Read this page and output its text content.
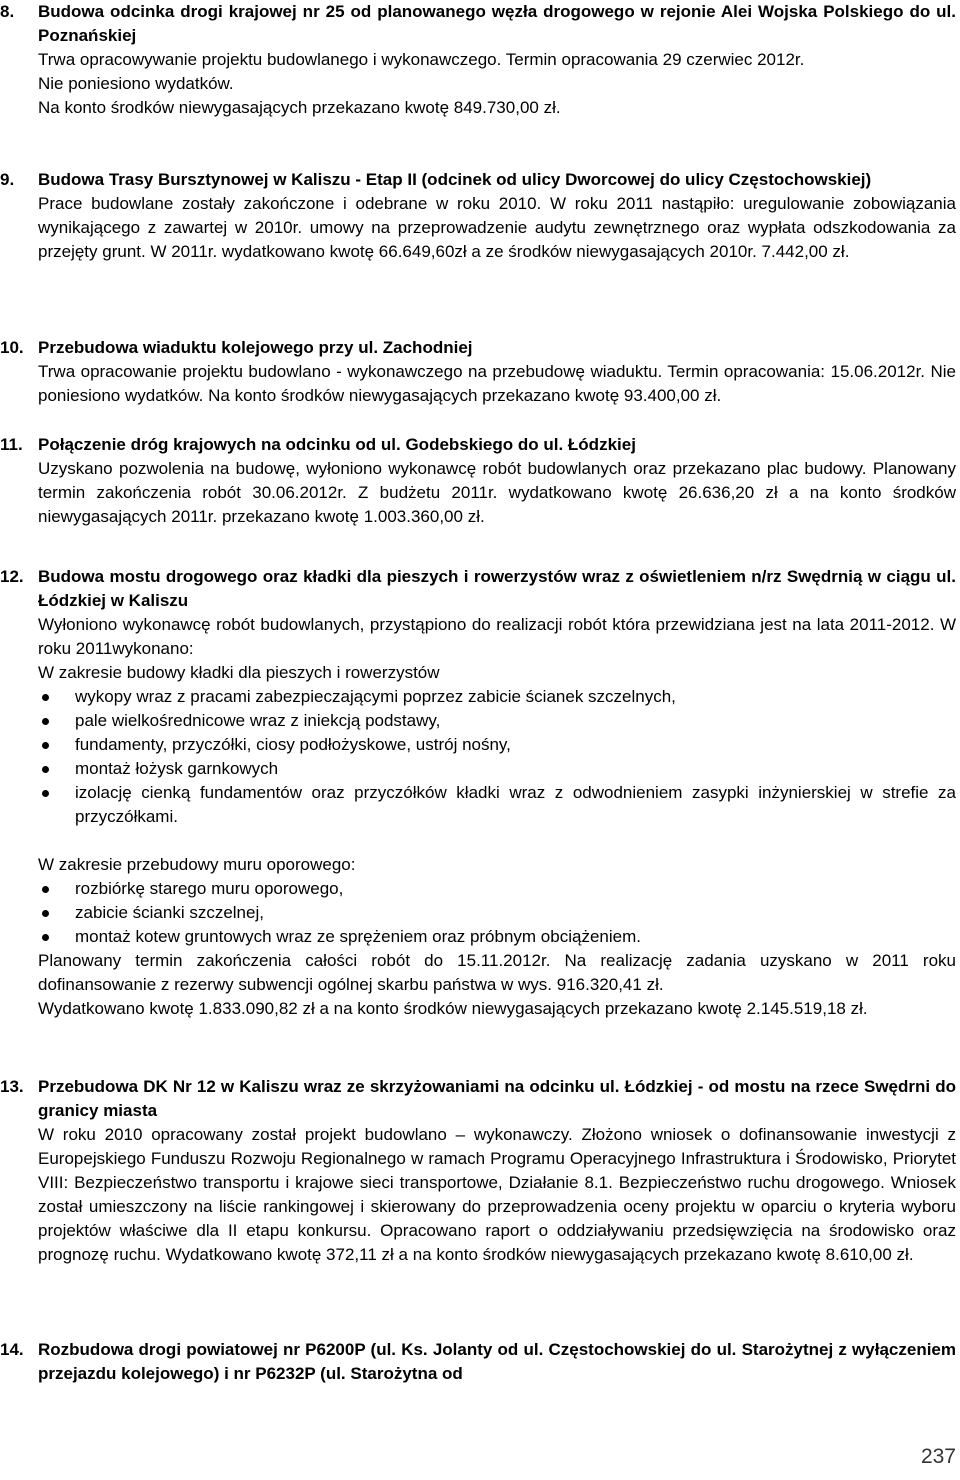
8.	Budowa odcinka drogi krajowej nr 25 od planowanego węzła drogowego w rejonie Alei Wojska Polskiego do ul. Poznańskiej

Trwa opracowywanie projektu budowlanego i wykonawczego. Termin opracowania 29 czerwiec 2012r.

Nie poniesiono wydatków.

Na konto środków niewygasających przekazano kwotę 849.730,00 zł.

9.	Budowa Trasy Bursztynowej w Kaliszu - Etap II (odcinek od ulicy Dworcowej do ulicy Częstochowskiej)

Prace budowlane zostały zakończone i odebrane w roku 2010. W roku 2011 nastąpiło: uregulowanie zobowiązania wynikającego z zawartej w 2010r. umowy na przeprowadzenie audytu zewnętrznego oraz wypłata odszkodowania za przejęty grunt. W 2011r. wydatkowano kwotę 66.649,60zł a ze środków niewygasających 2010r. 7.442,00 zł.

10. Przebudowa wiaduktu kolejowego przy ul. Zachodniej

Trwa opracowanie projektu budowlano - wykonawczego na przebudowę wiaduktu. Termin opracowania: 15.06.2012r. Nie poniesiono wydatków. Na konto środków niewygasających przekazano kwotę 93.400,00 zł.

11. Połączenie dróg krajowych na odcinku od ul. Godebskiego do ul. Łódzkiej

Uzyskano pozwolenia na budowę, wyłoniono wykonawcę robót budowlanych oraz przekazano plac budowy. Planowany termin zakończenia robót 30.06.2012r. Z budżetu 2011r. wydatkowano kwotę 26.636,20 zł a na konto środków niewygasających 2011r. przekazano kwotę 1.003.360,00 zł.

12. Budowa mostu drogowego oraz kładki dla pieszych i rowerzystów wraz z oświetleniem n/rz Swędrnią w ciągu ul. Łódzkiej w Kaliszu

Wyłoniono wykonawcę robót budowlanych, przystąpiono do realizacji robót która przewidziana jest na lata 2011-2012. W roku 2011wykonano:

W zakresie budowy kładki dla pieszych i rowerzystów

wykopy wraz z pracami zabezpieczającymi poprzez zabicie ścianek szczelnych,
pale wielkośrednicowe wraz z iniekcją podstawy,
fundamenty, przyczółki, ciosy podłożyskowe, ustrój nośny,
montaż łożysk garnkowych
izolację cienką fundamentów oraz przyczółków kładki wraz z odwodnieniem zasypki inżynierskiej w strefie za przyczółkami.

W zakresie przebudowy muru oporowego:

rozbiórkę starego muru oporowego,
zabicie ścianki szczelnej,
montaż kotew gruntowych wraz ze sprężeniem oraz próbnym obciążeniem.

Planowany termin zakończenia całości robót do 15.11.2012r. Na realizację zadania uzyskano w 2011 roku dofinansowanie z rezerwy subwencji ogólnej skarbu państwa w wys. 916.320,41 zł.

Wydatkowano kwotę 1.833.090,82 zł a na konto środków niewygasających przekazano kwotę 2.145.519,18 zł.

13. Przebudowa DK Nr 12 w Kaliszu wraz ze skrzyżowaniami na odcinku ul. Łódzkiej - od mostu na rzece Swędrni do granicy miasta

W roku 2010 opracowany został projekt budowlano – wykonawczy. Złożono wniosek o dofinansowanie inwestycji z Europejskiego Funduszu Rozwoju Regionalnego w ramach Programu Operacyjnego Infrastruktura i Środowisko, Priorytet VIII: Bezpieczeństwo transportu i krajowe sieci transportowe, Działanie 8.1. Bezpieczeństwo ruchu drogowego. Wniosek został umieszczony na liście rankingowej i skierowany do przeprowadzenia oceny projektu w oparciu o kryteria wyboru projektów właściwe dla II etapu konkursu. Opracowano raport o oddziaływaniu przedsięwzięcia na środowisko oraz prognozę ruchu. Wydatkowano kwotę 372,11 zł a na konto środków niewygasających przekazano kwotę 8.610,00 zł.

14. Rozbudowa drogi powiatowej nr P6200P (ul. Ks. Jolanty od ul. Częstochowskiej do ul. Starożytnej z wyłączeniem przejazdu kolejowego) i nr P6232P (ul. Starożytna od
237
